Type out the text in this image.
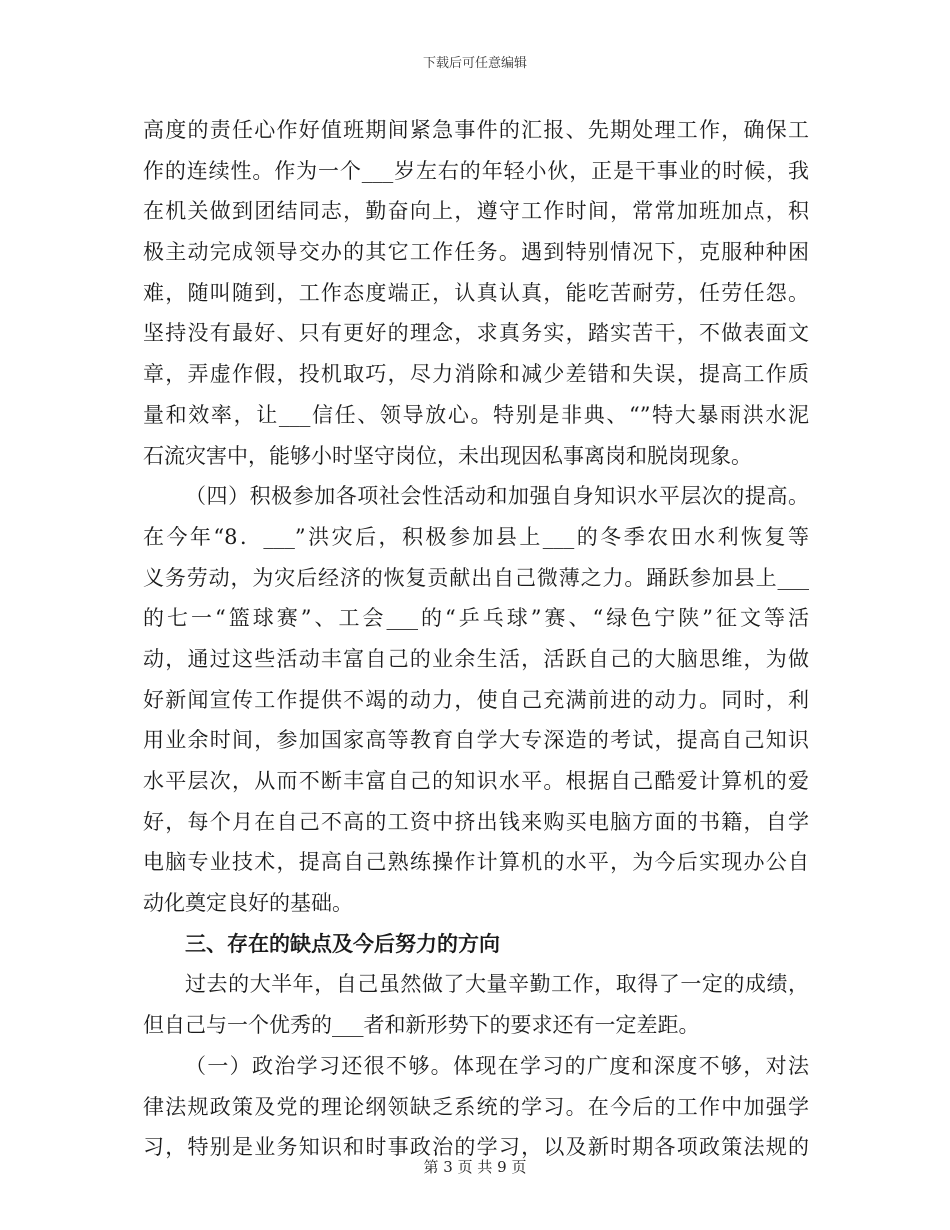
下载后可任意编辑
高度的责任心作好值班期间紧急事件的汇报、先期处理工作，确保工
作的连续性。作为一个___岁左右的年轻小伙，正是干事业的时候，我
在机关做到团结同志，勤奋向上，遵守工作时间，常常加班加点，积
极主动完成领导交办的其它工作任务。遇到特别情况下，克服种种困
难，随叫随到，工作态度端正，认真认真，能吃苦耐劳，任劳任怨。
坚持没有最好、只有更好的理念，求真务实，踏实苦干，不做表面文
章，弄虚作假，投机取巧，尽力消除和减少差错和失误，提高工作质
量和效率，让___信任、领导放心。特别是非典、“”特大暴雨洪水泥
石流灾害中，能够小时坚守岗位，未出现因私事离岗和脱岗现象。
（四）积极参加各项社会性活动和加强自身知识水平层次的提高。
在今年“8．___”洪灾后，积极参加县上___的冬季农田水利恢复等
义务劳动，为灾后经济的恢复贡献出自己微薄之力。踊跃参加县上___
的七一“篮球赛”、工会___的“乒乓球”赛、“绿色宁陕”征文等活
动，通过这些活动丰富自己的业余生活，活跃自己的大脑思维，为做
好新闻宣传工作提供不竭的动力，使自己充满前进的动力。同时，利
用业余时间，参加国家高等教育自学大专深造的考试，提高自己知识
水平层次，从而不断丰富自己的知识水平。根据自己酷爱计算机的爱
好，每个月在自己不高的工资中挤出钱来购买电脑方面的书籍，自学
电脑专业技术，提高自己熟练操作计算机的水平，为今后实现办公自
动化奠定良好的基础。
三、存在的缺点及今后努力的方向
过去的大半年，自己虽然做了大量辛勤工作，取得了一定的成绩，
但自己与一个优秀的___者和新形势下的要求还有一定差距。
（一）政治学习还很不够。体现在学习的广度和深度不够，对法
律法规政策及党的理论纲领缺乏系统的学习。在今后的工作中加强学
习，特别是业务知识和时事政治的学习，以及新时期各项政策法规的
第 3 页 共 9 页
